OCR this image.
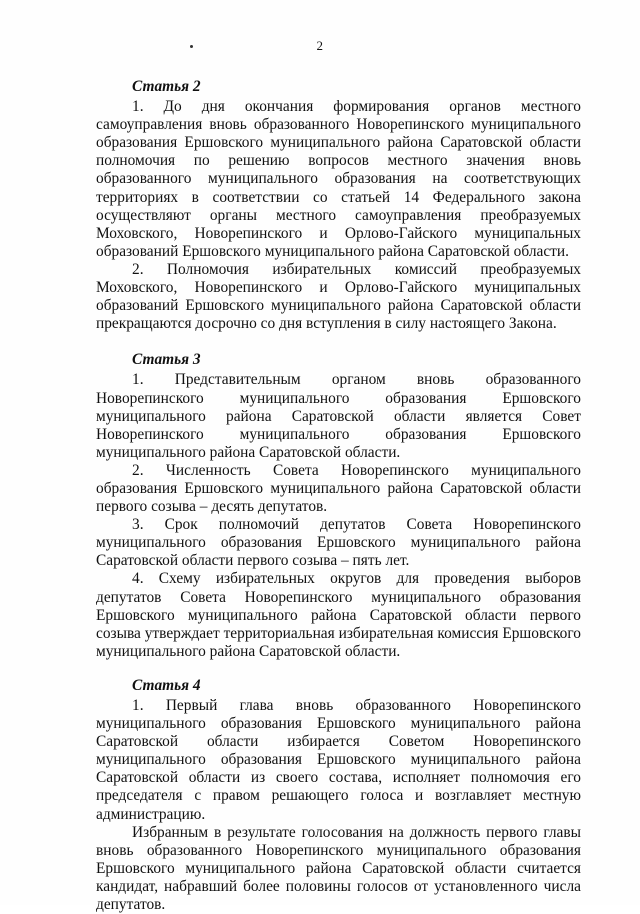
2

Статья 2

1. До дня окончания формирования органов местного самоуправления вновь образованного Новорепинского муниципального образования Ершовского муниципального района Саратовской области полномочия по решению вопросов местного значения вновь образованного муниципального образования на соответствующих территориях в соответствии со статьей 14 Федерального закона осуществляют органы местного самоуправления преобразуемых Моховского, Новорепинского и Орлово-Гайского муниципальных образований Ершовского муниципального района Саратовской области.

2. Полномочия избирательных комиссий преобразуемых Моховского, Новорепинского и Орлово-Гайского муниципальных образований Ершовского муниципального района Саратовской области прекращаются досрочно со дня вступления в силу настоящего Закона.

Статья 3

1. Представительным органом вновь образованного Новорепинского муниципального образования Ершовского муниципального района Саратовской области является Совет Новорепинского муниципального образования Ершовского муниципального района Саратовской области.

2. Численность Совета Новорепинского муниципального образования Ершовского муниципального района Саратовской области первого созыва – десять депутатов.

3. Срок полномочий депутатов Совета Новорепинского муниципального образования Ершовского муниципального района Саратовской области первого созыва – пять лет.

4. Схему избирательных округов для проведения выборов депутатов Совета Новорепинского муниципального образования Ершовского муниципального района Саратовской области первого созыва утверждает территориальная избирательная комиссия Ершовского муниципального района Саратовской области.

Статья 4

1. Первый глава вновь образованного Новорепинского муниципального образования Ершовского муниципального района Саратовской области избирается Советом Новорепинского муниципального образования Ершовского муниципального района Саратовской области из своего состава, исполняет полномочия его председателя с правом решающего голоса и возглавляет местную администрацию.

Избранным в результате голосования на должность первого главы вновь образованного Новорепинского муниципального образования Ершовского муниципального района Саратовской области считается кандидат, набравший более половины голосов от установленного числа депутатов.
